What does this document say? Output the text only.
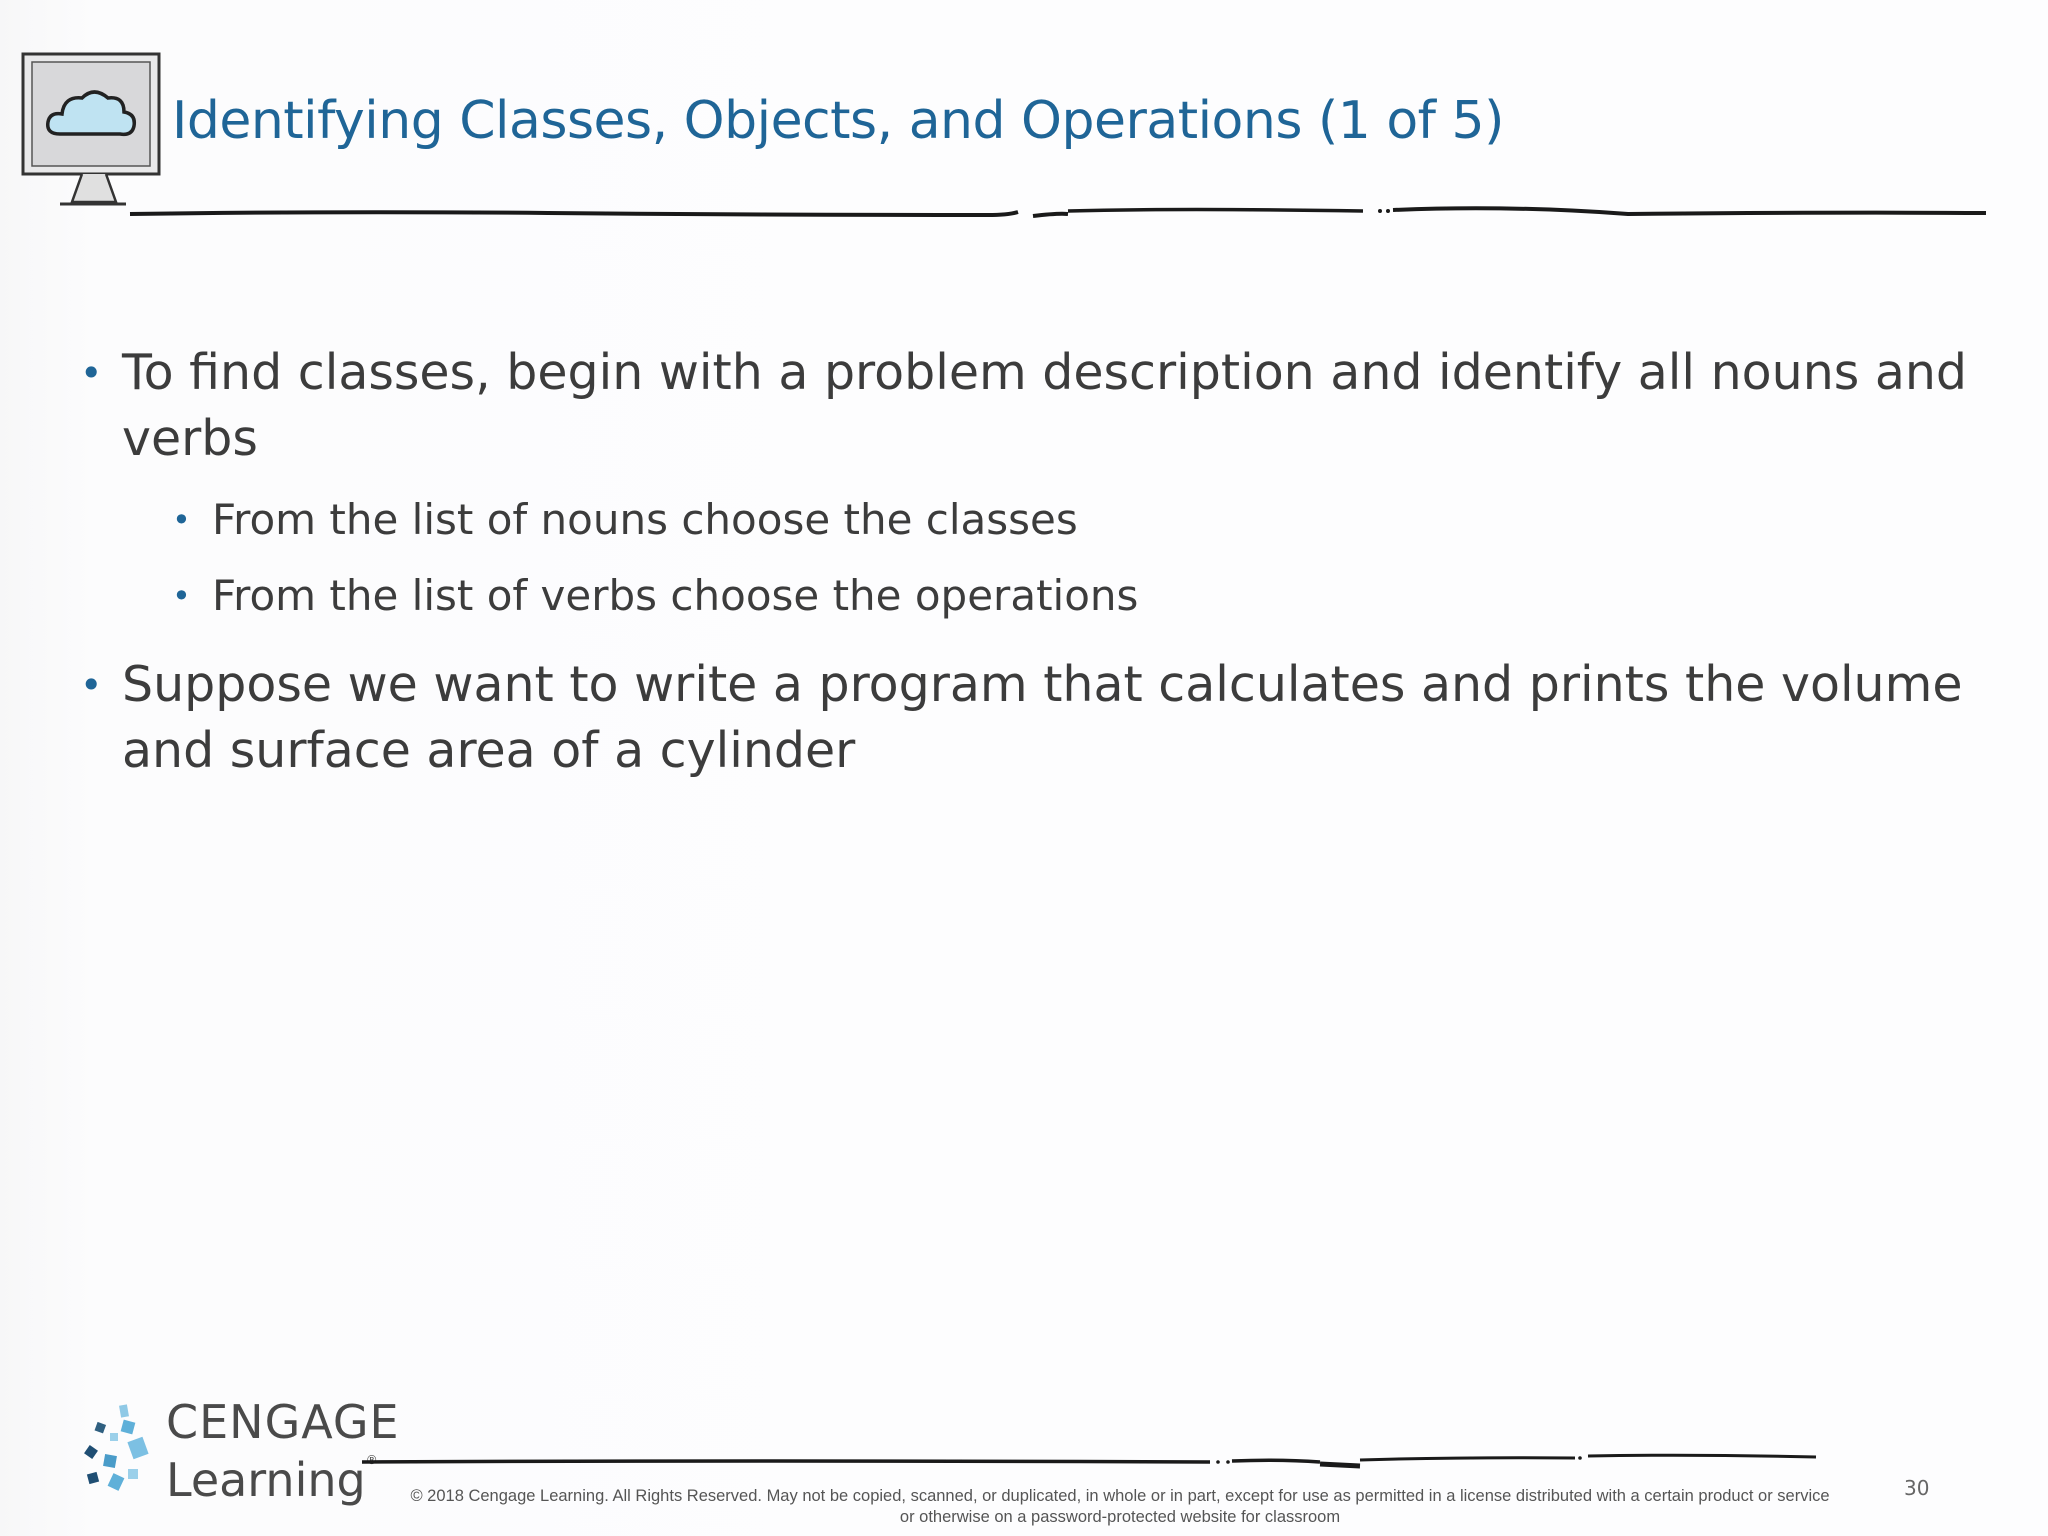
Identifying Classes, Objects, and Operations (1 of 5)
• To find classes, begin with a problem description and identify all nouns and verbs
• From the list of nouns choose the classes
• From the list of verbs choose the operations
• Suppose we want to write a program that calculates and prints the volume and surface area of a cylinder
CENGAGE
Learning®
© 2018 Cengage Learning. All Rights Reserved. May not be copied, scanned, or duplicated, in whole or in part, except for use as permitted in a license distributed with a certain product or service
or otherwise on a password-protected website for classroom
30
